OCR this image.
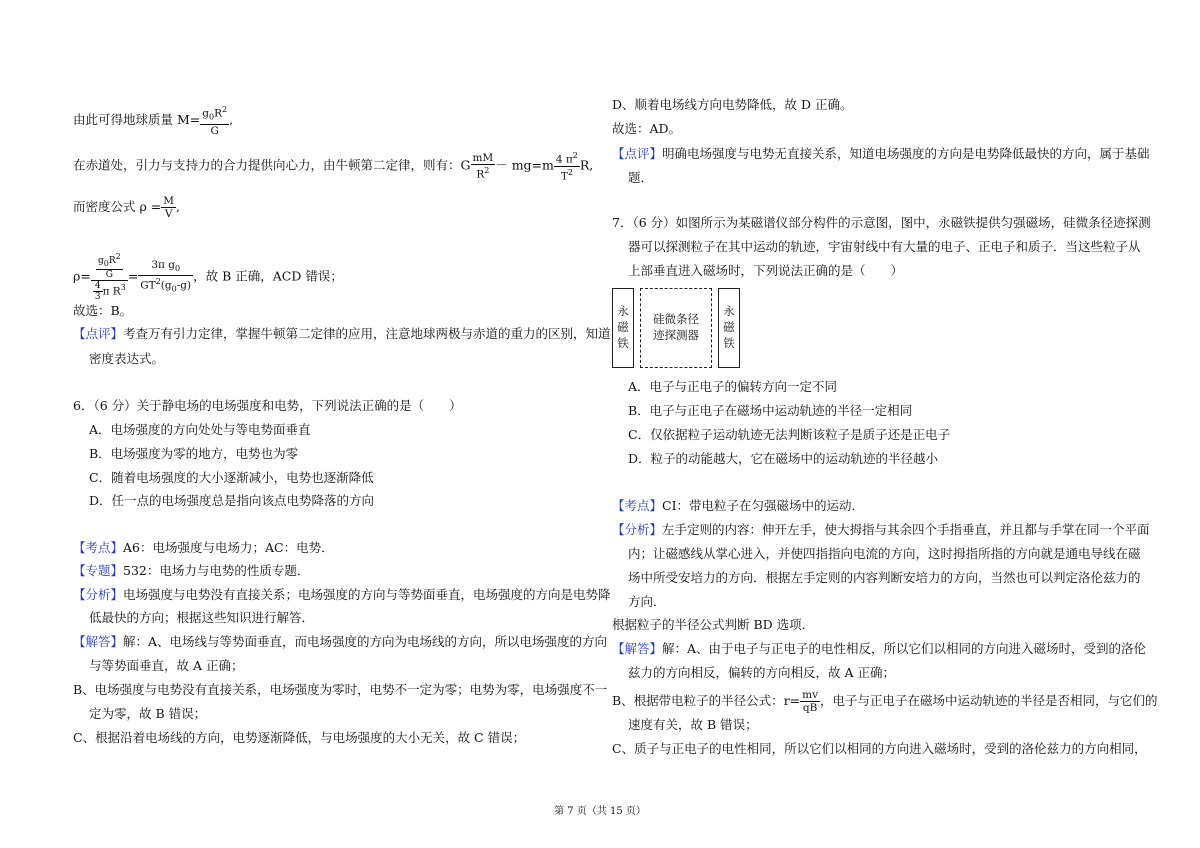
由此可得地球质量 $M= \frac{g_0R^2}{G}$ ,
在赤道处，引力与支持力的合力提供向心力，由牛顿第二定律，则有：G $\frac{mM}{R^2} - mg=m \frac{4 \pi^2}{T^2} R$,
而密度公式 $\rho = \frac{M}{V}$ ,
$\rho= \frac{\frac{g_0R^2}{G}}{\frac{4}{3} \pi R^3} = \frac{3\pi g_0}{GT^2(g_0-g)}$ ，故 B 正确，ACD 错误；
故选：B。
【点评】考查万有引力定律，掌握牛顿第二定律的应用，注意地球两极与赤道的重力的区别，知道
密度表达式。
6．（6 分）关于静电场的电场强度和电势，下列说法正确的是（　　）
A．电场强度的方向处处与等电势面垂直
B．电场强度为零的地方，电势也为零
C．随着电场强度的大小逐渐减小，电势也逐渐降低
D．任一点的电场强度总是指向该点电势降落的方向
【考点】A6：电场强度与电场力；AC：电势．
【专题】532：电场力与电势的性质专题．
【分析】电场强度与电势没有直接关系；电场强度的方向与等势面垂直，电场强度的方向是电势降
低最快的方向；根据这些知识进行解答．
【解答】解：A、电场线与等势面垂直，而电场强度的方向为电场线的方向，所以电场强度的方向
与等势面垂直，故 A 正确；
B、电场强度与电势没有直接关系，电场强度为零时，电势不一定为零；电势为零，电场强度不一
定为零，故 B 错误；
C、根据沿着电场线的方向，电势逐渐降低，与电场强度的大小无关，故 C 错误；
D、顺着电场线方向电势降低，故 D 正确。
故选：AD。
【点评】明确电场强度与电势无直接关系，知道电场强度的方向是电势降低最快的方向，属于基础
题．
7．（6 分）如图所示为某磁谱仪部分构件的示意图，图中，永磁铁提供匀强磁场，硅微条径迹探测
器可以探测粒子在其中运动的轨迹，宇宙射线中有大量的电子、正电子和质子．当这些粒子从
上部垂直进入磁场时，下列说法正确的是（　　）
永
磁
铁
硅微条径
迹探测器
永
磁
铁
A．电子与正电子的偏转方向一定不同
B．电子与正电子在磁场中运动轨迹的半径一定相同
C．仅依据粒子运动轨迹无法判断该粒子是质子还是正电子
D．粒子的动能越大，它在磁场中的运动轨迹的半径越小
【考点】CI：带电粒子在匀强磁场中的运动．
【分析】左手定则的内容：伸开左手，使大拇指与其余四个手指垂直，并且都与手掌在同一个平面
内；让磁感线从掌心进入，并使四指指向电流的方向，这时拇指所指的方向就是通电导线在磁
场中所受安培力的方向．根据左手定则的内容判断安培力的方向，当然也可以判定洛伦兹力的
方向．
根据粒子的半径公式判断 BD 选项．
【解答】解：A、由于电子与正电子的电性相反，所以它们以相同的方向进入磁场时，受到的洛伦
兹力的方向相反，偏转的方向相反，故 A 正确；
B、根据带电粒子的半径公式：$r= \frac{mv}{qB}$ ，电子与正电子在磁场中运动轨迹的半径是否相同，与它们的
速度有关，故 B 错误；
C、质子与正电子的电性相同，所以它们以相同的方向进入磁场时，受到的洛伦兹力的方向相同，
第 7 页（共 15 页）
